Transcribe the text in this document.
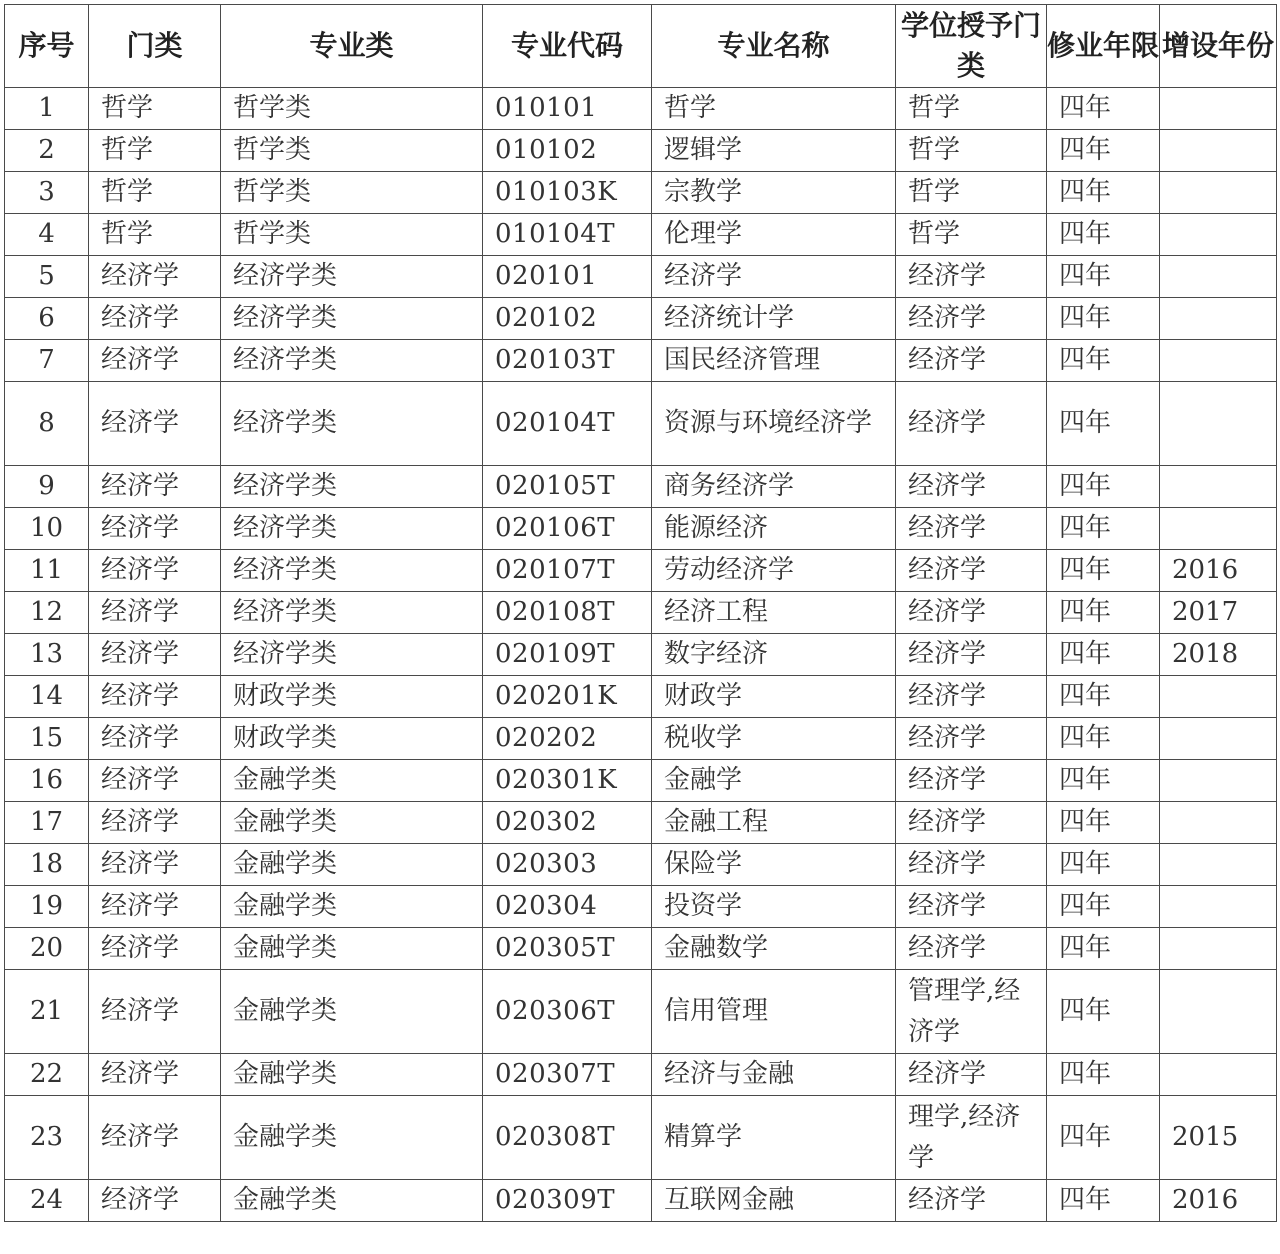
序号	门类	专业类	专业代码	专业名称	学位授予门类	修业年限	增设年份
1	哲学	哲学类	010101	哲学	哲学	四年	
2	哲学	哲学类	010102	逻辑学	哲学	四年	
3	哲学	哲学类	010103K	宗教学	哲学	四年	
4	哲学	哲学类	010104T	伦理学	哲学	四年	
5	经济学	经济学类	020101	经济学	经济学	四年	
6	经济学	经济学类	020102	经济统计学	经济学	四年	
7	经济学	经济学类	020103T	国民经济管理	经济学	四年	
8	经济学	经济学类	020104T	资源与环境经济学	经济学	四年	
9	经济学	经济学类	020105T	商务经济学	经济学	四年	
10	经济学	经济学类	020106T	能源经济	经济学	四年	
11	经济学	经济学类	020107T	劳动经济学	经济学	四年	2016
12	经济学	经济学类	020108T	经济工程	经济学	四年	2017
13	经济学	经济学类	020109T	数字经济	经济学	四年	2018
14	经济学	财政学类	020201K	财政学	经济学	四年	
15	经济学	财政学类	020202	税收学	经济学	四年	
16	经济学	金融学类	020301K	金融学	经济学	四年	
17	经济学	金融学类	020302	金融工程	经济学	四年	
18	经济学	金融学类	020303	保险学	经济学	四年	
19	经济学	金融学类	020304	投资学	经济学	四年	
20	经济学	金融学类	020305T	金融数学	经济学	四年	
21	经济学	金融学类	020306T	信用管理	管理学,经济学	四年	
22	经济学	金融学类	020307T	经济与金融	经济学	四年	
23	经济学	金融学类	020308T	精算学	理学,经济学	四年	2015
24	经济学	金融学类	020309T	互联网金融	经济学	四年	2016
